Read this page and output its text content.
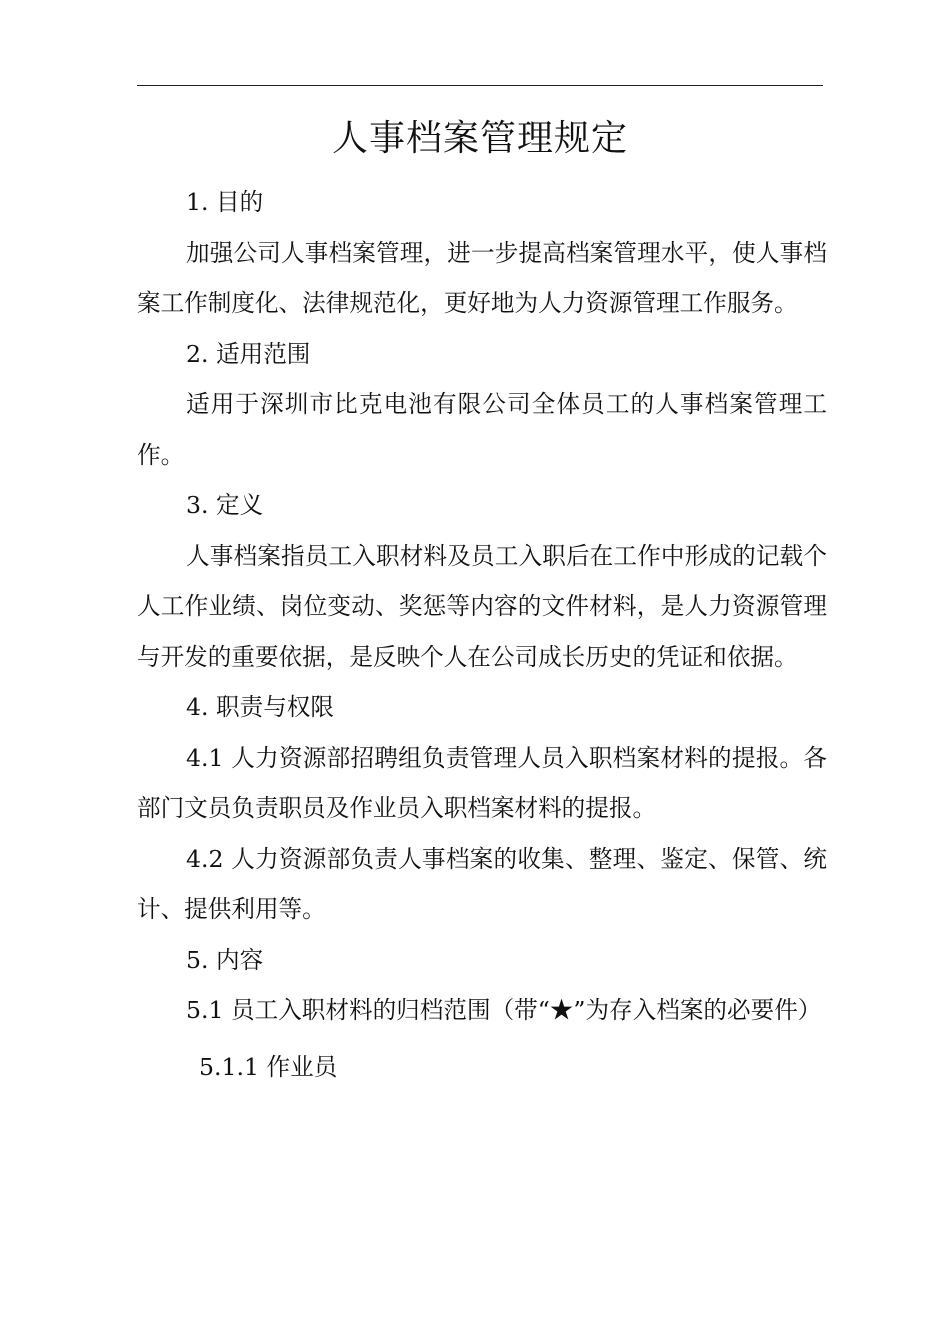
人事档案管理规定

1. 目的

加强公司人事档案管理，进一步提高档案管理水平，使人事档案工作制度化、法律规范化，更好地为人力资源管理工作服务。

2. 适用范围

适用于深圳市比克电池有限公司全体员工的人事档案管理工作。

3. 定义

人事档案指员工入职材料及员工入职后在工作中形成的记载个人工作业绩、岗位变动、奖惩等内容的文件材料，是人力资源管理与开发的重要依据，是反映个人在公司成长历史的凭证和依据。

4. 职责与权限

4.1 人力资源部招聘组负责管理人员入职档案材料的提报。各部门文员负责职员及作业员入职档案材料的提报。

4.2 人力资源部负责人事档案的收集、整理、鉴定、保管、统计、提供利用等。

5. 内容

5.1 员工入职材料的归档范围（带“★”为存入档案的必要件）

5.1.1 作业员
